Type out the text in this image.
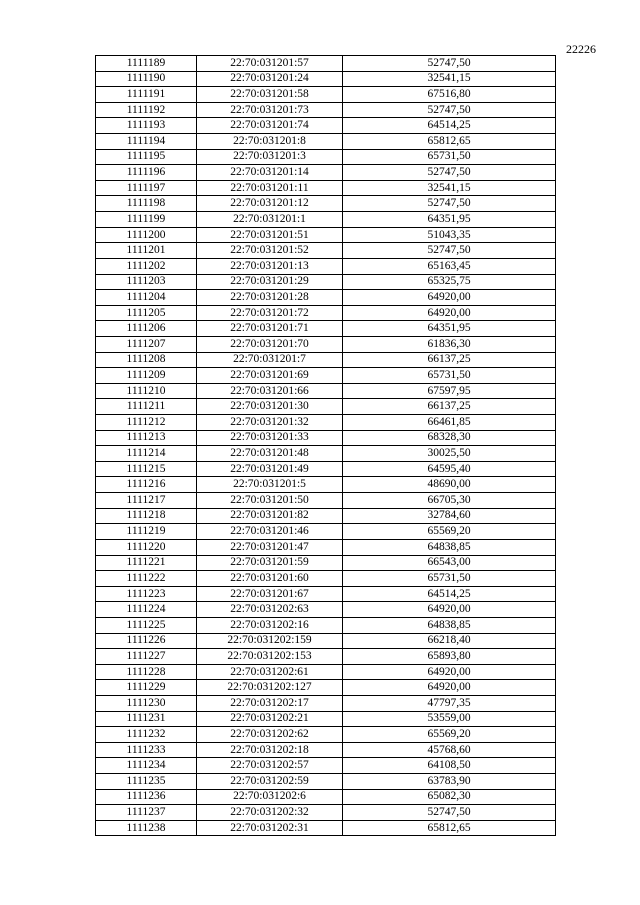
22226
1111189	22:70:031201:57	52747,50
1111190	22:70:031201:24	32541,15
1111191	22:70:031201:58	67516,80
1111192	22:70:031201:73	52747,50
1111193	22:70:031201:74	64514,25
1111194	22:70:031201:8	65812,65
1111195	22:70:031201:3	65731,50
1111196	22:70:031201:14	52747,50
1111197	22:70:031201:11	32541,15
1111198	22:70:031201:12	52747,50
1111199	22:70:031201:1	64351,95
1111200	22:70:031201:51	51043,35
1111201	22:70:031201:52	52747,50
1111202	22:70:031201:13	65163,45
1111203	22:70:031201:29	65325,75
1111204	22:70:031201:28	64920,00
1111205	22:70:031201:72	64920,00
1111206	22:70:031201:71	64351,95
1111207	22:70:031201:70	61836,30
1111208	22:70:031201:7	66137,25
1111209	22:70:031201:69	65731,50
1111210	22:70:031201:66	67597,95
1111211	22:70:031201:30	66137,25
1111212	22:70:031201:32	66461,85
1111213	22:70:031201:33	68328,30
1111214	22:70:031201:48	30025,50
1111215	22:70:031201:49	64595,40
1111216	22:70:031201:5	48690,00
1111217	22:70:031201:50	66705,30
1111218	22:70:031201:82	32784,60
1111219	22:70:031201:46	65569,20
1111220	22:70:031201:47	64838,85
1111221	22:70:031201:59	66543,00
1111222	22:70:031201:60	65731,50
1111223	22:70:031201:67	64514,25
1111224	22:70:031202:63	64920,00
1111225	22:70:031202:16	64838,85
1111226	22:70:031202:159	66218,40
1111227	22:70:031202:153	65893,80
1111228	22:70:031202:61	64920,00
1111229	22:70:031202:127	64920,00
1111230	22:70:031202:17	47797,35
1111231	22:70:031202:21	53559,00
1111232	22:70:031202:62	65569,20
1111233	22:70:031202:18	45768,60
1111234	22:70:031202:57	64108,50
1111235	22:70:031202:59	63783,90
1111236	22:70:031202:6	65082,30
1111237	22:70:031202:32	52747,50
1111238	22:70:031202:31	65812,65
